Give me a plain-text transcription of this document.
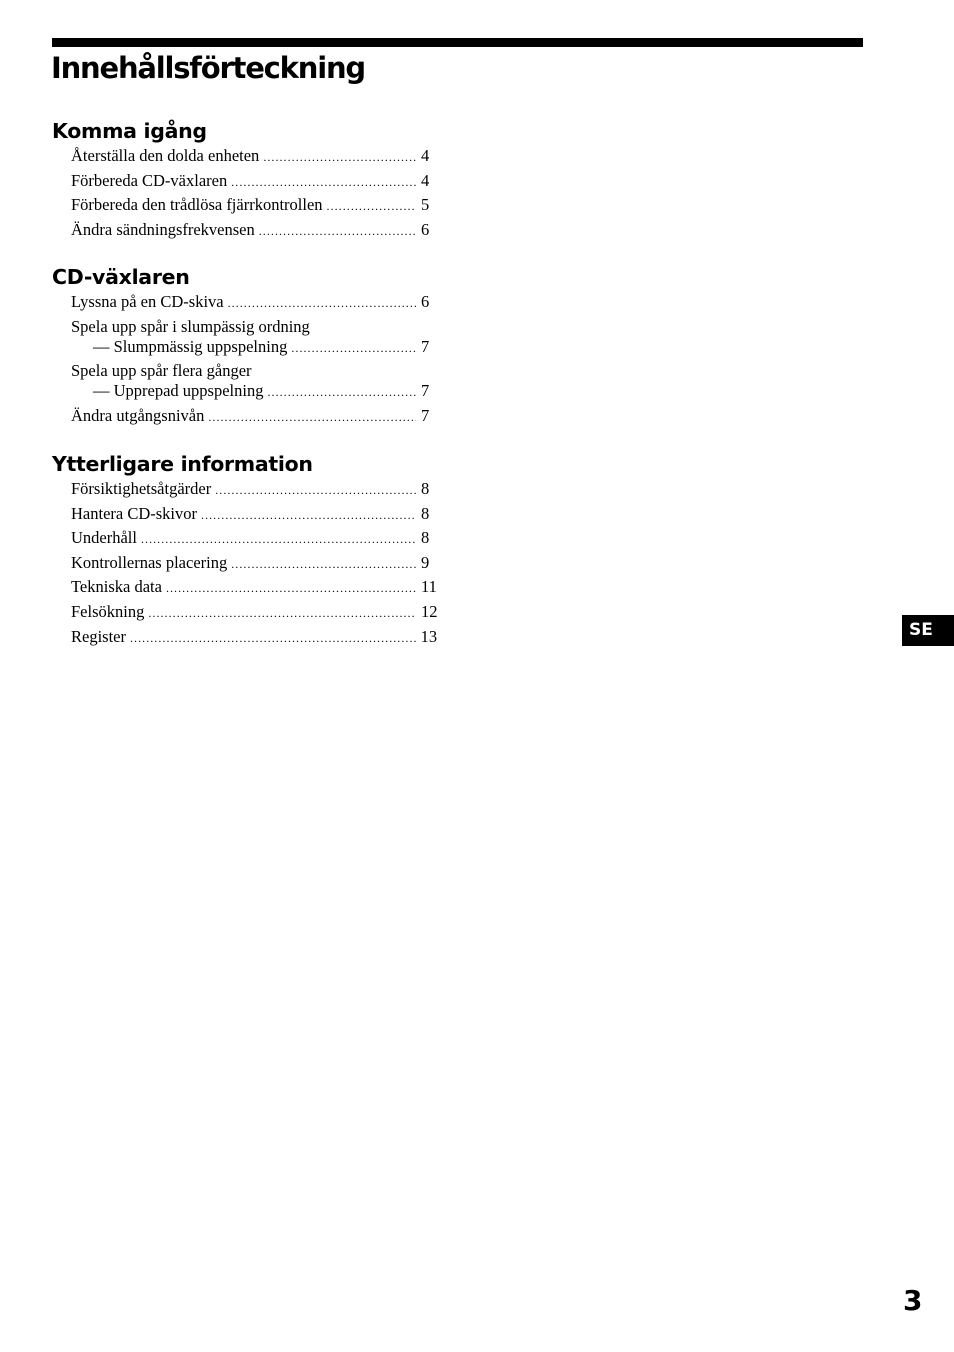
Innehållsförteckning
Komma igång
Återställa den dolda enheten .....	4
Förbereda CD-växlaren .....	4
Förbereda den trådlösa fjärrkontrollen .....	5
Ändra sändningsfrekvensen .....	6
CD-växlaren
Lyssna på en CD-skiva .....	6
Spela upp spår i slumpässig ordning
— Slumpmässig uppspelning .....	7
Spela upp spår flera gånger
— Upprepad uppspelning .....	7
Ändra utgångsnivån .....	7
Ytterligare information
Försiktighetsåtgärder .....	8
Hantera CD-skivor .....	8
Underhåll .....	8
Kontrollernas placering .....	9
Tekniska data .....	11
Felsökning .....	12
Register .....	13	SE
3
